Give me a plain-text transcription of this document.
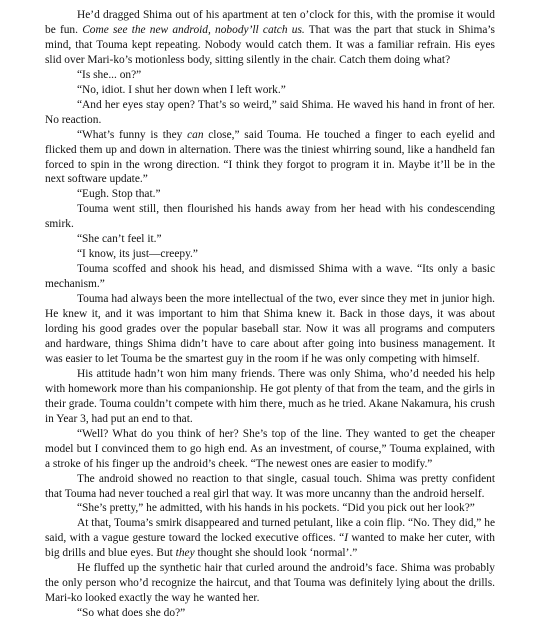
He’d dragged Shima out of his apartment at ten o’clock for this, with the promise it would be fun. Come see the new android, nobody’ll catch us. That was the part that stuck in Shima’s mind, that Touma kept repeating. Nobody would catch them. It was a familiar refrain. His eyes slid over Mari-ko’s motionless body, sitting silently in the chair. Catch them doing what?

“Is she... on?”

“No, idiot. I shut her down when I left work.”

“And her eyes stay open? That’s so weird,” said Shima. He waved his hand in front of her. No reaction.

“What’s funny is they can close,” said Touma. He touched a finger to each eyelid and flicked them up and down in alternation. There was the tiniest whirring sound, like a handheld fan forced to spin in the wrong direction. “I think they forgot to program it in. Maybe it’ll be in the next software update.”

“Eugh. Stop that.”

Touma went still, then flourished his hands away from her head with his condescending smirk.

“She can’t feel it.”

“I know, its just—creepy.”

Touma scoffed and shook his head, and dismissed Shima with a wave. “Its only a basic mechanism.”

Touma had always been the more intellectual of the two, ever since they met in junior high. He knew it, and it was important to him that Shima knew it. Back in those days, it was about lording his good grades over the popular baseball star. Now it was all programs and computers and hardware, things Shima didn’t have to care about after going into business management. It was easier to let Touma be the smartest guy in the room if he was only competing with himself.

His attitude hadn’t won him many friends. There was only Shima, who’d needed his help with homework more than his companionship. He got plenty of that from the team, and the girls in their grade. Touma couldn’t compete with him there, much as he tried. Akane Nakamura, his crush in Year 3, had put an end to that.

“Well? What do you think of her? She’s top of the line. They wanted to get the cheaper model but I convinced them to go high end. As an investment, of course,” Touma explained, with a stroke of his finger up the android’s cheek. “The newest ones are easier to modify.”

The android showed no reaction to that single, casual touch. Shima was pretty confident that Touma had never touched a real girl that way. It was more uncanny than the android herself.

“She’s pretty,” he admitted, with his hands in his pockets. “Did you pick out her look?”

At that, Touma’s smirk disappeared and turned petulant, like a coin flip. “No. They did,” he said, with a vague gesture toward the locked executive offices. “I wanted to make her cuter, with big drills and blue eyes. But they thought she should look ‘normal’.”

He fluffed up the synthetic hair that curled around the android’s face. Shima was probably the only person who’d recognize the haircut, and that Touma was definitely lying about the drills. Mari-ko looked exactly the way he wanted her.

“So what does she do?”
